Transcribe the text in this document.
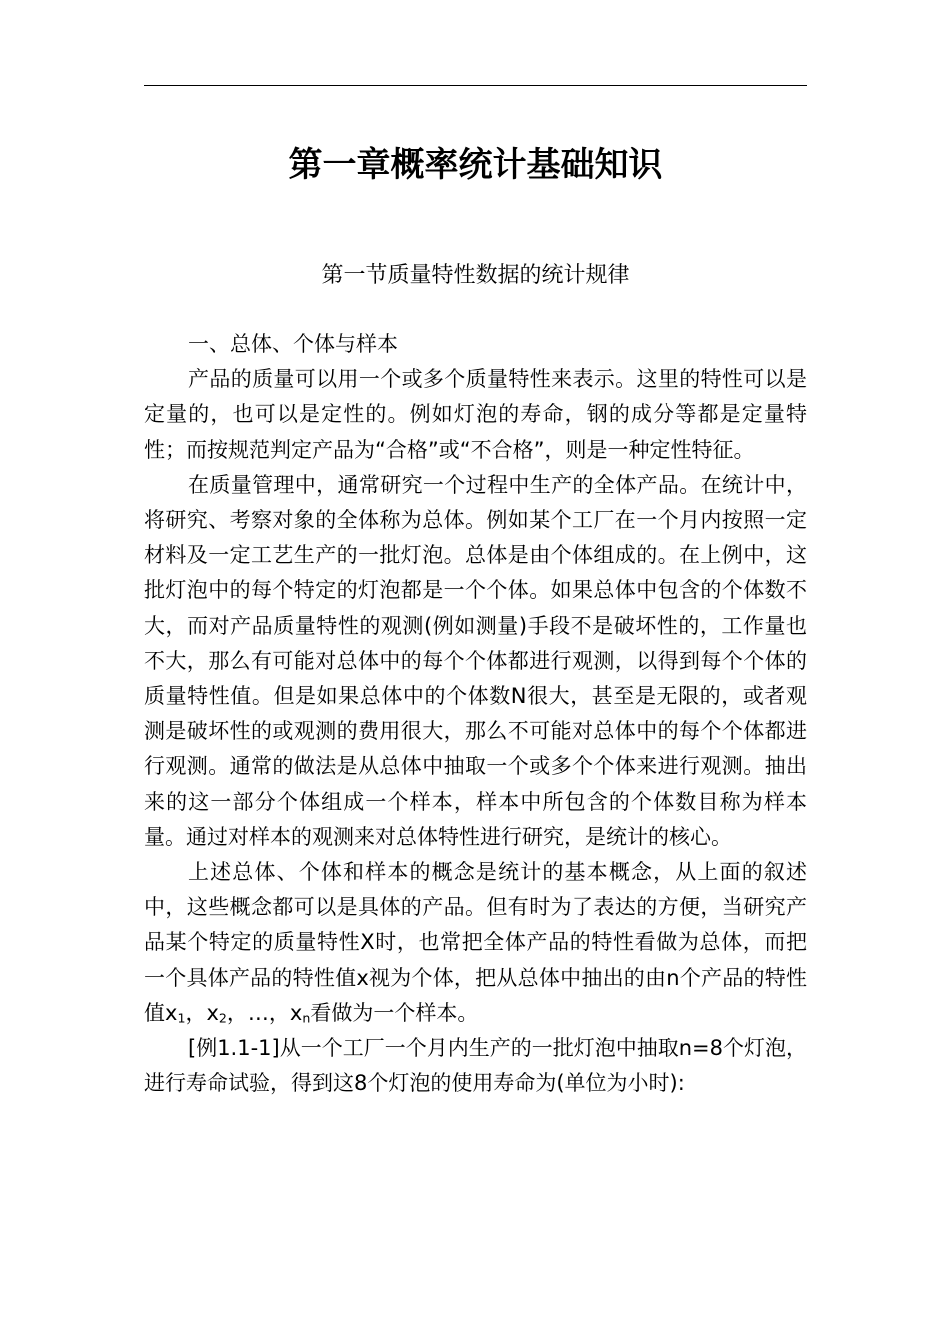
第一章概率统计基础知识
第一节质量特性数据的统计规律

一、总体、个体与样本

产品的质量可以用一个或多个质量特性来表示。这里的特性可以是定量的，也可以是定性的。例如灯泡的寿命，钢的成分等都是定量特性；而按规范判定产品为“合格”或“不合格”，则是一种定性特征。

在质量管理中，通常研究一个过程中生产的全体产品。在统计中，将研究、考察对象的全体称为总体。例如某个工厂在一个月内按照一定材料及一定工艺生产的一批灯泡。总体是由个体组成的。在上例中，这批灯泡中的每个特定的灯泡都是一个个体。如果总体中包含的个体数不大，而对产品质量特性的观测(例如测量)手段不是破坏性的，工作量也不大，那么有可能对总体中的每个个体都进行观测，以得到每个个体的质量特性值。但是如果总体中的个体数N很大，甚至是无限的，或者观测是破坏性的或观测的费用很大，那么不可能对总体中的每个个体都进行观测。通常的做法是从总体中抽取一个或多个个体来进行观测。抽出来的这一部分个体组成一个样本，样本中所包含的个体数目称为样本量。通过对样本的观测来对总体特性进行研究，是统计的核心。

上述总体、个体和样本的概念是统计的基本概念，从上面的叙述中，这些概念都可以是具体的产品。但有时为了表达的方便，当研究产品某个特定的质量特性X时，也常把全体产品的特性看做为总体，而把一个具体产品的特性值x视为个体，把从总体中抽出的由n个产品的特性值$x_1$，$x_2$，…，$x_n$看做为一个样本。

[例1.1-1]从一个工厂一个月内生产的一批灯泡中抽取n=8个灯泡，进行寿命试验，得到这8个灯泡的使用寿命为(单位为小时):
